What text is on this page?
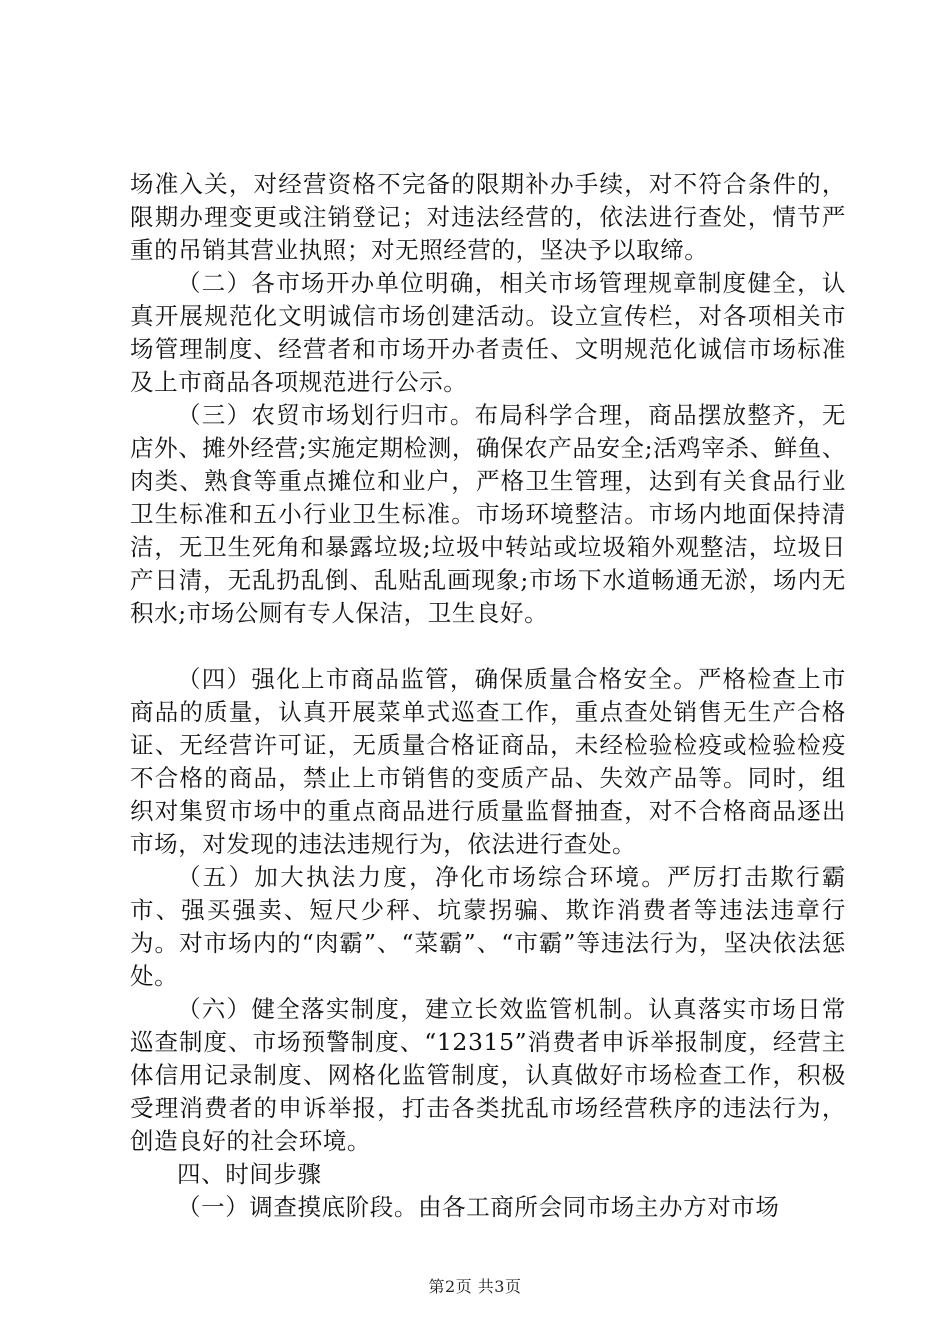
场准入关，对经营资格不完备的限期补办手续，对不符合条件的，限期办理变更或注销登记；对违法经营的，依法进行查处，情节严重的吊销其营业执照；对无照经营的，坚决予以取缔。

（二）各市场开办单位明确，相关市场管理规章制度健全，认真开展规范化文明诚信市场创建活动。设立宣传栏，对各项相关市场管理制度、经营者和市场开办者责任、文明规范化诚信市场标准及上市商品各项规范进行公示。

（三）农贸市场划行归市。布局科学合理，商品摆放整齐，无店外、摊外经营;实施定期检测，确保农产品安全;活鸡宰杀、鲜鱼、肉类、熟食等重点摊位和业户，严格卫生管理，达到有关食品行业卫生标准和五小行业卫生标准。市场环境整洁。市场内地面保持清洁，无卫生死角和暴露垃圾;垃圾中转站或垃圾箱外观整洁，垃圾日产日清，无乱扔乱倒、乱贴乱画现象;市场下水道畅通无淤，场内无积水;市场公厕有专人保洁，卫生良好。

（四）强化上市商品监管，确保质量合格安全。严格检查上市商品的质量，认真开展菜单式巡查工作，重点查处销售无生产合格证、无经营许可证，无质量合格证商品，未经检验检疫或检验检疫不合格的商品，禁止上市销售的变质产品、失效产品等。同时，组织对集贸市场中的重点商品进行质量监督抽查，对不合格商品逐出市场，对发现的违法违规行为，依法进行查处。

（五）加大执法力度，净化市场综合环境。严厉打击欺行霸市、强买强卖、短尺少秤、坑蒙拐骗、欺诈消费者等违法违章行为。对市场内的“肉霸”、“菜霸”、“市霸”等违法行为，坚决依法惩处。

（六）健全落实制度，建立长效监管机制。认真落实市场日常巡查制度、市场预警制度、“12315”消费者申诉举报制度，经营主体信用记录制度、网格化监管制度，认真做好市场检查工作，积极受理消费者的申诉举报，打击各类扰乱市场经营秩序的违法行为，创造良好的社会环境。

四、时间步骤

（一）调查摸底阶段。由各工商所会同市场主办方对市场

第2页 共3页
